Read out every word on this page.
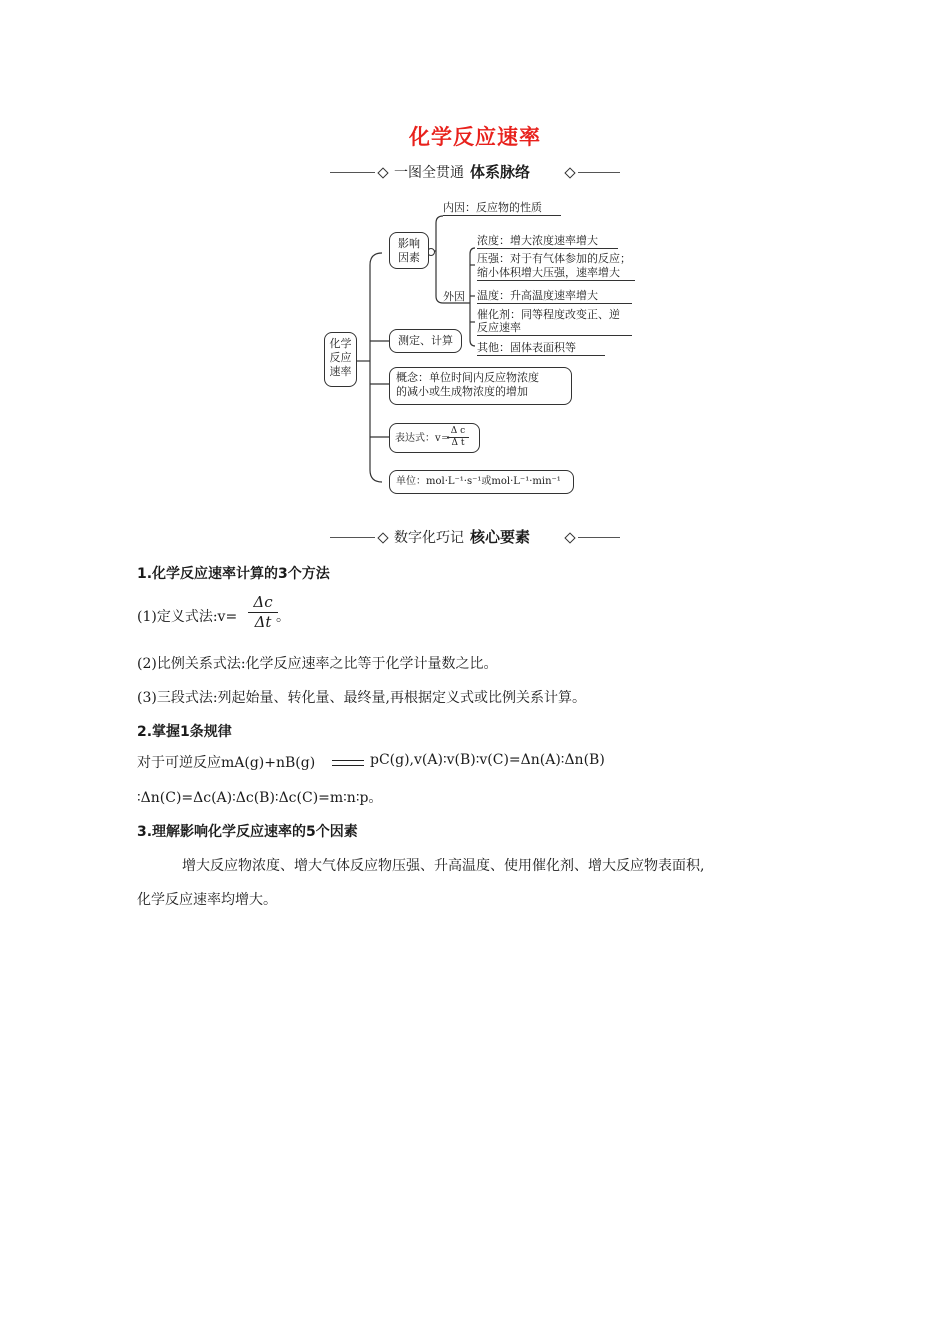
化学反应速率
一图全贯通 体系脉络
化学
反应
速率
影响
因素
内因：反应物的性质
外因
浓度：增大浓度速率增大
压强：对于有气体参加的反应；
缩小体积增大压强，速率增大
温度：升高温度速率增大
催化剂：同等程度改变正、逆
反应速率
其他：固体表面积等
测定、计算
概念：单位时间内反应物浓度
的减小或生成物浓度的增加
表达式：v＝
$\frac{\text{Δ c}}{\text{Δ t}}$
单位：mol·L⁻¹·s⁻¹或mol·L⁻¹·min⁻¹
数字化巧记 核心要素
1.化学反应速率计算的3个方法
(1)定义式法:v= $\frac{\Delta c}{\Delta t}$
。
(2)比例关系式法:化学反应速率之比等于化学计量数之比。
(3)三段式法:列起始量、转化量、最终量,再根据定义式或比例关系计算。
2.掌握1条规律
对于可逆反应mA(g)+nB(g)	pC(g),v(A)∶v(B)∶v(C)=Δn(A)∶Δn(B)
∶Δn(C)=Δc(A)∶Δc(B)∶Δc(C)=m∶n∶p。
3.理解影响化学反应速率的5个因素
增大反应物浓度、增大气体反应物压强、升高温度、使用催化剂、增大反应物表面积,
化学反应速率均增大。
